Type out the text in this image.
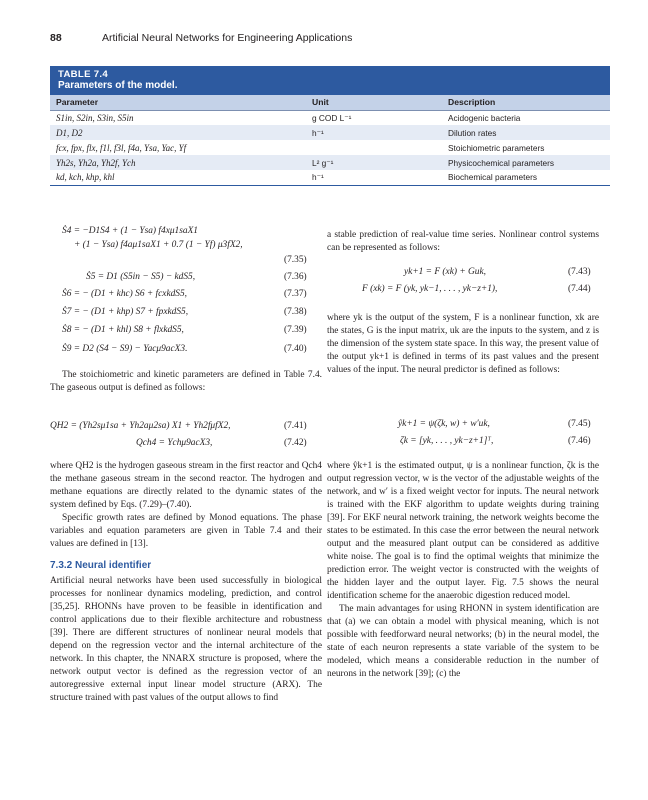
88	Artificial Neural Networks for Engineering Applications
TABLE 7.4
Parameters of the model.
Parameter	Unit	Description
S1in, S2in, S3in, S5in	g COD L⁻¹	Acidogenic bacteria
D1, D2	h⁻¹	Dilution rates
fcx, fpx, flx, f1l, f3l, f4a, Ysa, Yac, Yf		Stoichiometric parameters
Yh2s, Yh2a, Yh2f, Ych	L² g⁻¹	Physicochemical parameters
kd, kch, khp, khl	h⁻¹	Biochemical parameters
Ṡ4 = −D1S4 + (1 − Ysa) f4xμ1saX1
+ (1 − Ysa) f4aμ1saX1 + 0.7 (1 − Yf) μ3fX2,
(7.35)
Ṡ5 = D1 (S5in − S5) − kdS5,	(7.36)
Ṡ6 = − (D1 + khc) S6 + fcxkdS5,	(7.37)
Ṡ7 = − (D1 + khp) S7 + fpxkdS5,	(7.38)
Ṡ8 = − (D1 + khl) S8 + flxkdS5,	(7.39)
Ṡ9 = D2 (S4 − S9) − Yacμ9acX3.	(7.40)

The stoichiometric and kinetic parameters are defined in Table 7.4. The gaseous output is defined as follows:

QH2 = (Yh2sμ1sa + Yh2aμ2sa) X1 + Yh2fμfX2,	(7.41)
Qch4 = Ychμ9acX3,	(7.42)

where QH2 is the hydrogen gaseous stream in the first reactor and Qch4 the methane gaseous stream in the second reactor. The hydrogen and methane equations are directly related to the dynamic states of the system defined by Eqs. (7.29)–(7.40).

Specific growth rates are defined by Monod equations. The phase variables and equation parameters are given in Table 7.4 and their values are defined in [13].

7.3.2 Neural identifier

Artificial neural networks have been used successfully in biological processes for nonlinear dynamics modeling, prediction, and control [35,25]. RHONNs have proven to be feasible in identification and control applications due to their flexible architecture and robustness [39]. There are different structures of nonlinear neural models that depend on the regression vector and the internal architecture of the network. In this chapter, the NNARX structure is proposed, where the network output vector is defined as the regression vector of an autoregressive external input linear model structure (ARX). The structure trained with past values of the output allows to find

a stable prediction of real-value time series. Nonlinear control systems can be represented as follows:

yk+1 = F (xk) + Guk,	(7.43)
F (xk) = F (yk, yk−1, . . . , yk−z+1),	(7.44)

where yk is the output of the system, F is a nonlinear function, xk are the states, G is the input matrix, uk are the inputs to the system, and z is the dimension of the system state space. In this way, the present value of the output yk+1 is defined in terms of its past values and the present values of the input. The neural predictor is defined as follows:

ŷk+1 = ψ(ζk, w) + w′uk,	(7.45)
ζk = [yk, . . . , yk−z+1]ᵀ,	(7.46)

where ŷk+1 is the estimated output, ψ is a nonlinear function, ζk is the output regression vector, w is the vector of the adjustable weights of the network, and w′ is a fixed weight vector for inputs. The neural network is trained with the EKF algorithm to update weights during training [39]. For EKF neural network training, the network weights become the states to be estimated. In this case the error between the neural network output and the measured plant output can be considered as additive white noise. The goal is to find the optimal weights that minimize the prediction error. The weight vector is constructed with the weights of the hidden layer and the output layer. Fig. 7.5 shows the neural identification scheme for the anaerobic digestion reduced model.

The main advantages for using RHONN in system identification are that (a) we can obtain a model with physical meaning, which is not possible with feedforward neural networks; (b) in the neural model, the state of each neuron represents a state variable of the system to be modeled, which means a considerable reduction in the number of neurons in the network [39]; (c) the
